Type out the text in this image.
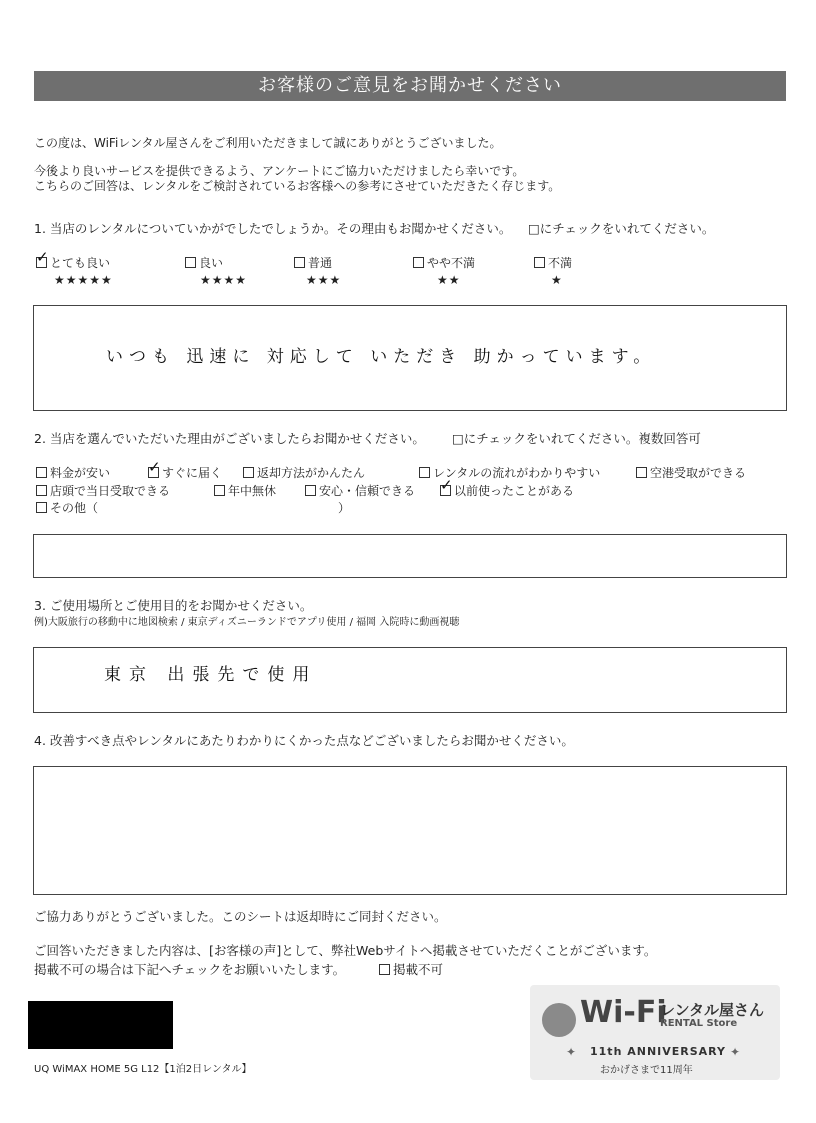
お客様のご意見をお聞かせください
この度は、WiFiレンタル屋さんをご利用いただきまして誠にありがとうございました。
今後より良いサービスを提供できるよう、アンケートにご協力いただけましたら幸いです。
こちらのご回答は、レンタルをご検討されているお客様への参考にさせていただきたく存じます。
1. 当店のレンタルについていかがでしたでしょうか。その理由もお聞かせください。 □にチェックをいれてください。
✓とても良い
★★★★★
良い
★★★★
普通
★★★
やや不満
★★
不満
★
いつも 迅速に 対応して いただき 助かっています。
2. 当店を選んでいただいた理由がございましたらお聞かせください。 □にチェックをいれてください。複数回答可
料金が安い ✓	すぐに届く	返却方法がかんたん	レンタルの流れがわかりやすい	空港受取ができる
店頭で当日受取できる	年中無休	安心・信頼できる ✓	以前使ったことがある
その他（	）
3. ご使用場所とご使用目的をお聞かせください。
例)大阪旅行の移動中に地図検索 / 東京ディズニーランドでアプリ使用 / 福岡 入院時に動画視聴
東京 出張先で使用
4. 改善すべき点やレンタルにあたりわかりにくかった点などございましたらお聞かせください。
ご協力ありがとうございました。このシートは返却時にご同封ください。
ご回答いただきました内容は、[お客様の声]として、弊社Webサイトへ掲載させていただくことがございます。
掲載不可の場合は下記へチェックをお願いいたします。	掲載不可
UQ WiMAX HOME 5G L12【1泊2日レンタル】
Wi-Fi
レンタル屋さん
RENTAL Store
✦ 11th ANNIVERSARY ✦
おかげさまで11周年
